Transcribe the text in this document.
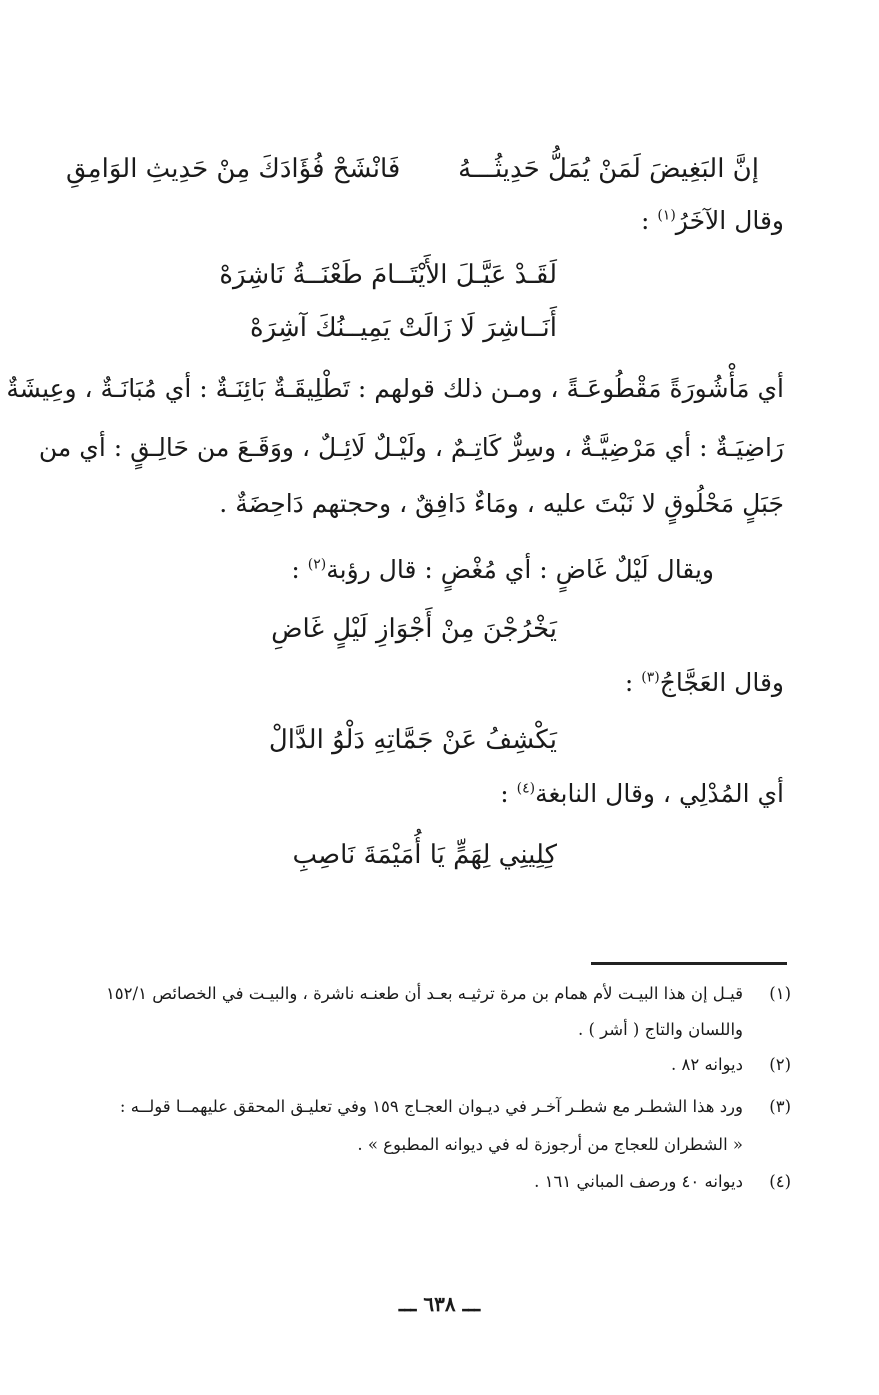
إنَّ البَغِيضَ لَمَنْ يُمَلُّ حَدِيثُـــهُ
فَانْشَحْ فُؤَادَكَ مِنْ حَدِيثِ الوَامِقِ
وقال الآخَرُ$^{(١)}$ :
لَقَـدْ عَيَّـلَ الأَيْتَــامَ طَعْنَــةُ نَاشِرَهْ
أَنَــاشِرَ لَا زَالَتْ يَمِيــنُكَ آشِرَهْ
أي مَأْشُورَةً مَقْطُوعَـةً ، ومـن ذلك قولهم : تَطْلِيقَـةٌ بَائِنَـةٌ : أي مُبَانَـةٌ ، وعِيشَةٌ
رَاضِيَـةٌ : أي مَرْضِيَّـةٌ ، وسِرٌّ كَاتِـمٌ ، ولَيْـلٌ لَائِـلٌ ، ووَقَـعَ من حَالِـقٍ : أي من
جَبَلٍ مَحْلُوقٍ لا نَبْتَ عليه ، ومَاءٌ دَافِقٌ ، وحجتهم دَاحِضَةٌ .
ويقال لَيْلٌ غَاضٍ : أي مُغْضٍ : قال رؤبة$^{(٢)}$ :
يَخْرُجْنَ مِنْ أَجْوَازِ لَيْلٍ غَاضِ
وقال العَجَّاجُ$^{(٣)}$ :
يَكْشِفُ عَنْ جَمَّاتِهِ دَلْوُ الدَّالْ
أي المُدْلِي ، وقال النابغة$^{(٤)}$ :
كِلِينِي لِهَمٍّ يَا أُمَيْمَةَ نَاصِبِ
(١)
قيـل إن هذا البيـت لأم همام بن مرة ترثيـه بعـد أن طعنـه ناشرة ، والبيـت في الخصائص ١٥٢/١
واللسان والتاج ( أشر ) .
(٢)
ديوانه ٨٢ .
(٣)
ورد هذا الشطـر مع شطـر آخـر في ديـوان العجـاج ١٥٩ وفي تعليـق المحقق عليهمــا قولــه :
« الشطران للعجاج من أرجوزة له في ديوانه المطبوع » .
(٤)
ديوانه ٤٠ ورصف المباني ١٦١ .
ـــ ٦٣٨ ـــ
